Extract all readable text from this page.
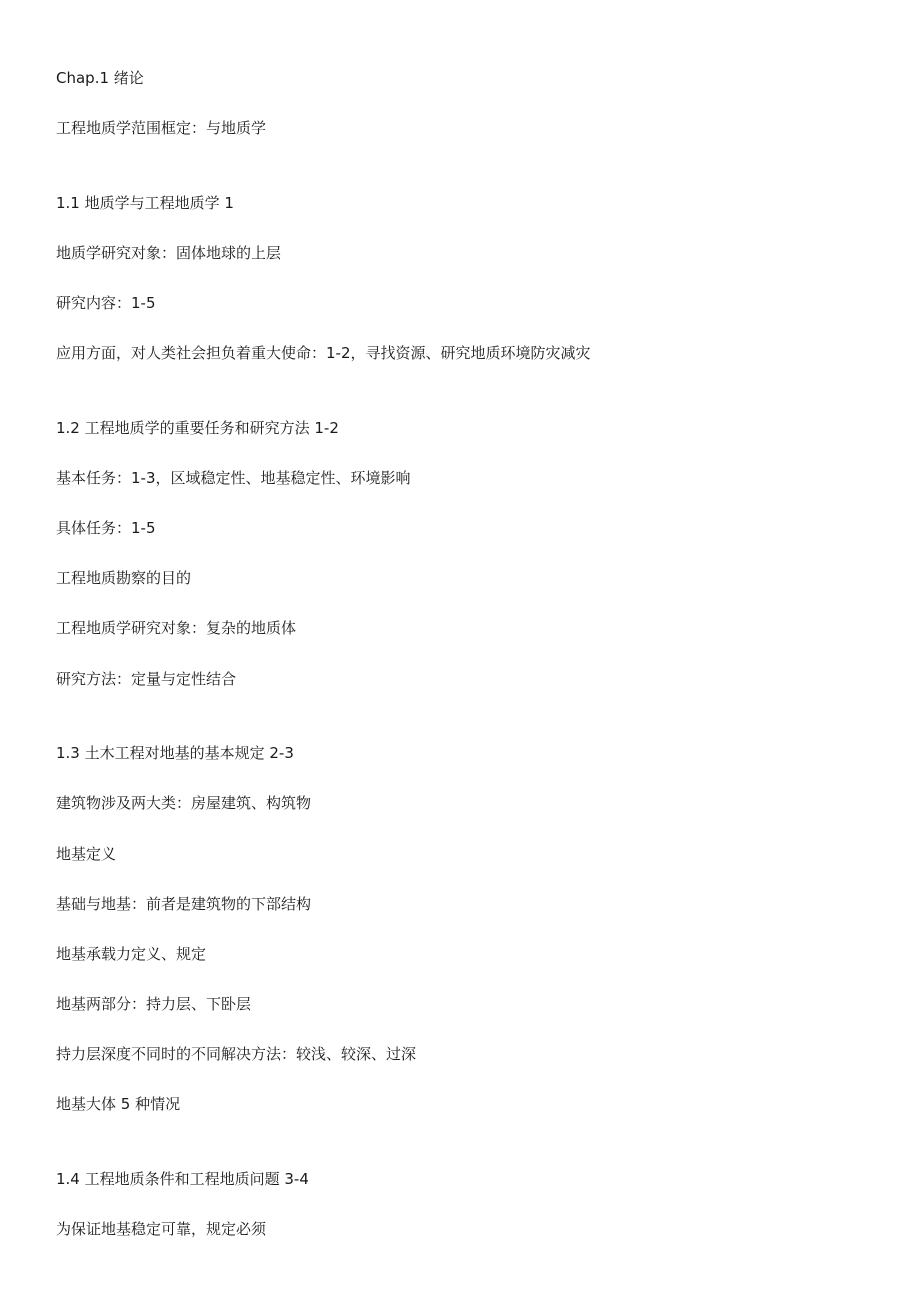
Chap.1 绪论
工程地质学范围框定：与地质学
1.1 地质学与工程地质学 1
地质学研究对象：固体地球的上层
研究内容：1-5
应用方面，对人类社会担负着重大使命：1-2，寻找资源、研究地质环境防灾减灾
1.2 工程地质学的重要任务和研究方法 1-2
基本任务：1-3，区域稳定性、地基稳定性、环境影响
具体任务：1-5
工程地质勘察的目的
工程地质学研究对象：复杂的地质体
研究方法：定量与定性结合
1.3 土木工程对地基的基本规定 2-3
建筑物涉及两大类：房屋建筑、构筑物
地基定义
基础与地基：前者是建筑物的下部结构
地基承载力定义、规定
地基两部分：持力层、下卧层
持力层深度不同时的不同解决方法：较浅、较深、过深
地基大体 5 种情况
1.4 工程地质条件和工程地质问题 3-4
为保证地基稳定可靠，规定必须
